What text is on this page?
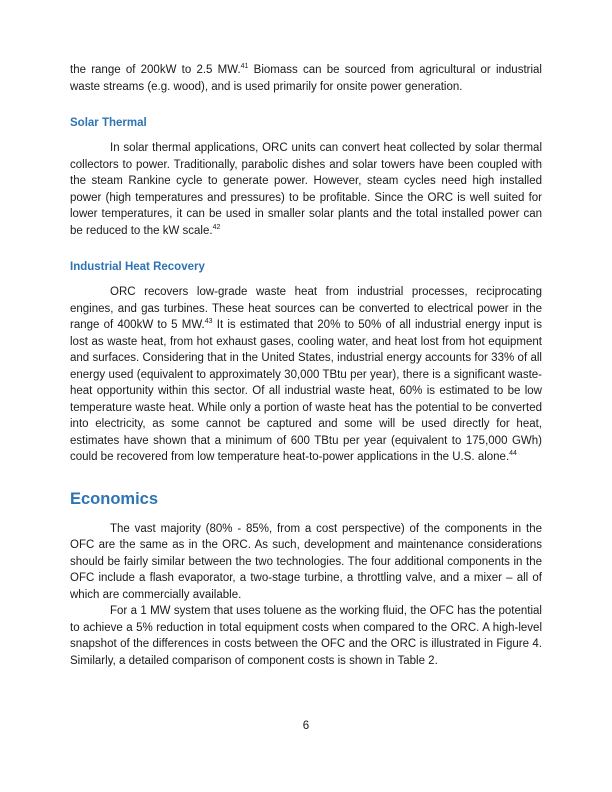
the range of 200kW to 2.5 MW.$^{41}$ Biomass can be sourced from agricultural or industrial waste streams (e.g. wood), and is used primarily for onsite power generation.

Solar Thermal

In solar thermal applications, ORC units can convert heat collected by solar thermal collectors to power. Traditionally, parabolic dishes and solar towers have been coupled with the steam Rankine cycle to generate power. However, steam cycles need high installed power (high temperatures and pressures) to be profitable. Since the ORC is well suited for lower temperatures, it can be used in smaller solar plants and the total installed power can be reduced to the kW scale.$^{42}$

Industrial Heat Recovery

ORC recovers low-grade waste heat from industrial processes, reciprocating engines, and gas turbines. These heat sources can be converted to electrical power in the range of 400kW to 5 MW.$^{43}$ It is estimated that 20% to 50% of all industrial energy input is lost as waste heat, from hot exhaust gases, cooling water, and heat lost from hot equipment and surfaces. Considering that in the United States, industrial energy accounts for 33% of all energy used (equivalent to approximately 30,000 TBtu per year), there is a significant waste-heat opportunity within this sector. Of all industrial waste heat, 60% is estimated to be low temperature waste heat. While only a portion of waste heat has the potential to be converted into electricity, as some cannot be captured and some will be used directly for heat, estimates have shown that a minimum of 600 TBtu per year (equivalent to 175,000 GWh) could be recovered from low temperature heat-to-power applications in the U.S. alone.$^{44}$

Economics

The vast majority (80% - 85%, from a cost perspective) of the components in the OFC are the same as in the ORC. As such, development and maintenance considerations should be fairly similar between the two technologies. The four additional components in the OFC include a flash evaporator, a two-stage turbine, a throttling valve, and a mixer – all of which are commercially available.

For a 1 MW system that uses toluene as the working fluid, the OFC has the potential to achieve a 5% reduction in total equipment costs when compared to the ORC. A high-level snapshot of the differences in costs between the OFC and the ORC is illustrated in Figure 4. Similarly, a detailed comparison of component costs is shown in Table 2.

6
